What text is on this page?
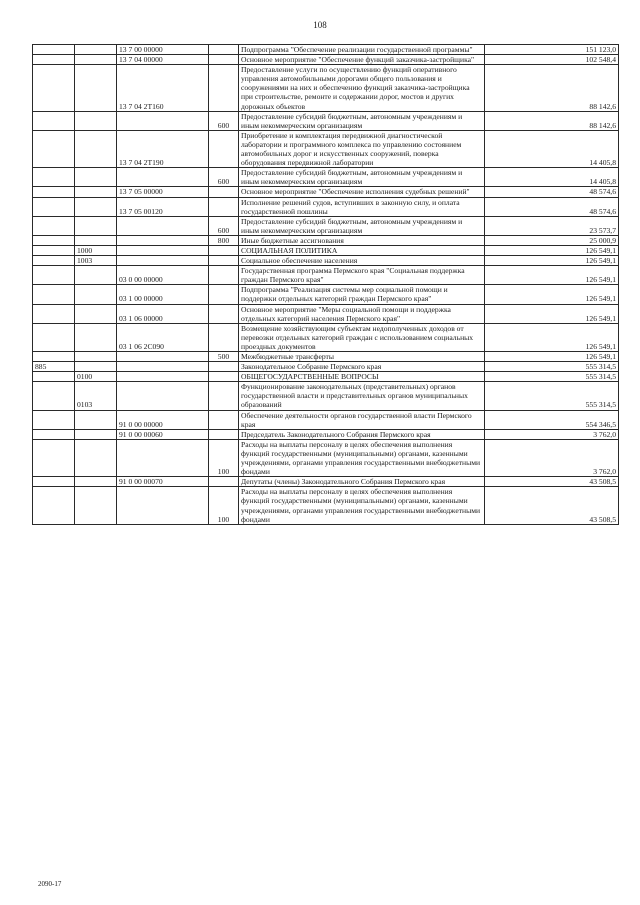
108
		13 7 00 00000		Подпрограмма "Обеспечение реализации государственной программы"	151 123,0
		13 7 04 00000		Основное мероприятие "Обеспечение функций заказчика-застройщика"	102 548,4
		13 7 04 2Т160		Предоставление услуги по осуществлению функций оперативного управления автомобильными дорогами общего пользования и сооружениями на них и обеспечению функций заказчика-застройщика при строительстве, ремонте и содержании дорог, мостов и других дорожных объектов	88 142,6
			600	Предоставление субсидий бюджетным, автономным учреждениям и иным некоммерческим организациям	88 142,6
		13 7 04 2Т190		Приобретение и комплектация передвижной диагностической лаборатории и программного комплекса по управлению состоянием автомобильных дорог и искусственных сооружений, поверка оборудования передвижной лаборатории	14 405,8
			600	Предоставление субсидий бюджетным, автономным учреждениям и иным некоммерческим организациям	14 405,8
		13 7 05 00000		Основное мероприятие "Обеспечение исполнения судебных решений"	48 574,6
		13 7 05 00120		Исполнение решений судов, вступивших в законную силу, и оплата государственной пошлины	48 574,6
			600	Предоставление субсидий бюджетным, автономным учреждениям и иным некоммерческим организациям	23 573,7
			800	Иные бюджетные ассигнования	25 000,9
	1000			СОЦИАЛЬНАЯ ПОЛИТИКА	126 549,1
	1003			Социальное обеспечение населения	126 549,1
		03 0 00 00000		Государственная программа Пермского края "Социальная поддержка граждан Пермского края"	126 549,1
		03 1 00 00000		Подпрограмма "Реализация системы мер социальной помощи и поддержки отдельных категорий граждан Пермского края"	126 549,1
		03 1 06 00000		Основное мероприятие "Меры социальной помощи и поддержка отдельных категорий населения Пермского края"	126 549,1
		03 1 06 2С090		Возмещение хозяйствующим субъектам недополученных доходов от перевозки отдельных категорий граждан с использованием социальных проездных документов	126 549,1
			500	Межбюджетные трансферты	126 549,1
885				Законодательное Собрание Пермского края	555 314,5
	0100			ОБЩЕГОСУДАРСТВЕННЫЕ ВОПРОСЫ	555 314,5
	0103			Функционирование законодательных (представительных) органов государственной власти и представительных органов муниципальных образований	555 314,5
		91 0 00 00000		Обеспечение деятельности органов государственной власти Пермского края	554 346,5
		91 0 00 00060		Председатель Законодательного Собрания Пермского края	3 762,0
			100	Расходы на выплаты персоналу в целях обеспечения выполнения функций государственными (муниципальными) органами, казенными учреждениями, органами управления государственными внебюджетными фондами	3 762,0
		91 0 00 00070		Депутаты (члены) Законодательного Собрания Пермского края	43 508,5
			100	Расходы на выплаты персоналу в целях обеспечения выполнения функций государственными (муниципальными) органами, казенными учреждениями, органами управления государственными внебюджетными фондами	43 508,5
2090-17
